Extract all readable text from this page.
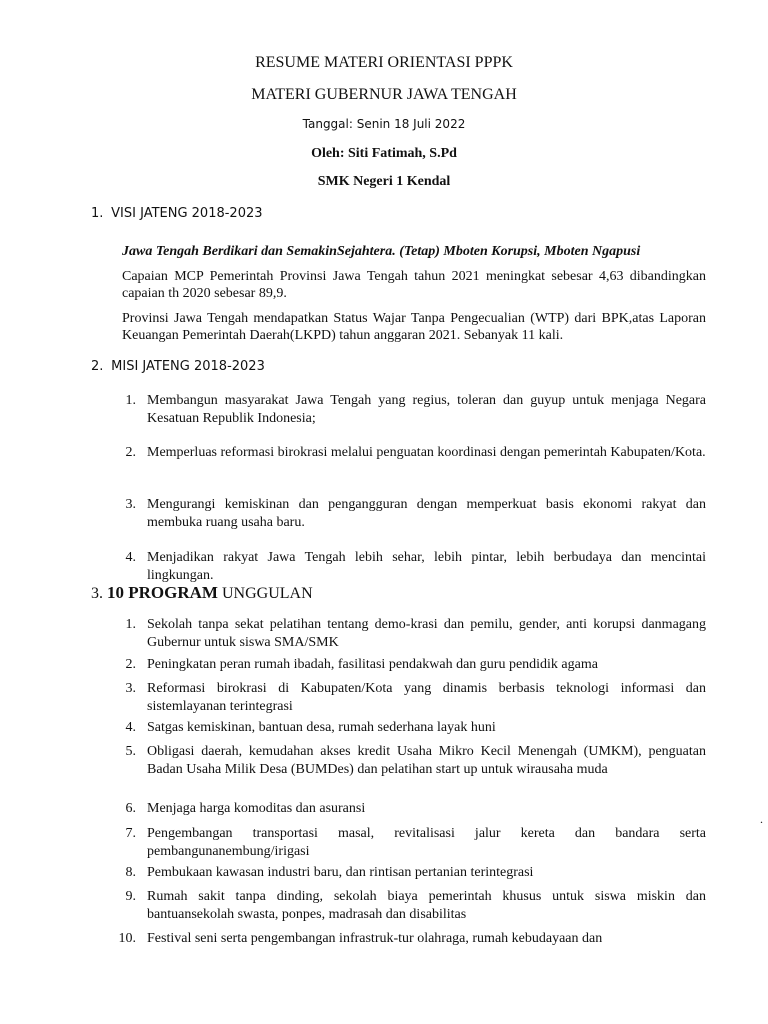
RESUME MATERI ORIENTASI PPPK
MATERI GUBERNUR JAWA TENGAH
Tanggal: Senin 18 Juli 2022
Oleh: Siti Fatimah, S.Pd
SMK Negeri 1 Kendal
1. VISI JATENG 2018-2023
Jawa Tengah Berdikari dan SemakinSejahtera. (Tetap) Mboten Korupsi, Mboten Ngapusi
Capaian MCP Pemerintah Provinsi Jawa Tengah tahun 2021 meningkat sebesar 4,63 dibandingkan capaian th 2020 sebesar 89,9.
Provinsi Jawa Tengah mendapatkan Status Wajar Tanpa Pengecualian (WTP) dari BPK,atas Laporan Keuangan Pemerintah Daerah(LKPD) tahun anggaran 2021. Sebanyak 11 kali.
2. MISI JATENG 2018-2023
1. Membangun masyarakat Jawa Tengah yang regius, toleran dan guyup untuk menjaga Negara Kesatuan Republik Indonesia;
2. Memperluas reformasi birokrasi melalui penguatan koordinasi dengan pemerintah Kabupaten/Kota.
3. Mengurangi kemiskinan dan pengangguran dengan memperkuat basis ekonomi rakyat dan membuka ruang usaha baru.
4. Menjadikan rakyat Jawa Tengah lebih sehar, lebih pintar, lebih berbudaya dan mencintai lingkungan.
3. 10 PROGRAM UNGGULAN
1. Sekolah tanpa sekat pelatihan tentang demo-krasi dan pemilu, gender, anti korupsi danmagang Gubernur untuk siswa SMA/SMK
2. Peningkatan peran rumah ibadah, fasilitasi pendakwah dan guru pendidik agama
3. Reformasi birokrasi di Kabupaten/Kota yang dinamis berbasis teknologi informasi dan sistemlayanan terintegrasi
4. Satgas kemiskinan, bantuan desa, rumah sederhana layak huni
5. Obligasi daerah, kemudahan akses kredit Usaha Mikro Kecil Menengah (UMKM), penguatan Badan Usaha Milik Desa (BUMDes) dan pelatihan start up untuk wirausaha muda
6. Menjaga harga komoditas dan asuransi
7. Pengembangan transportasi masal, revitalisasi jalur kereta dan bandara serta pembangunanembung/irigasi
8. Pembukaan kawasan industri baru, dan rintisan pertanian terintegrasi
9. Rumah sakit tanpa dinding, sekolah biaya pemerintah khusus untuk siswa miskin dan bantuansekolah swasta, ponpes, madrasah dan disabilitas
10. Festival seni serta pengembangan infrastruk-tur olahraga, rumah kebudayaan dan
.
